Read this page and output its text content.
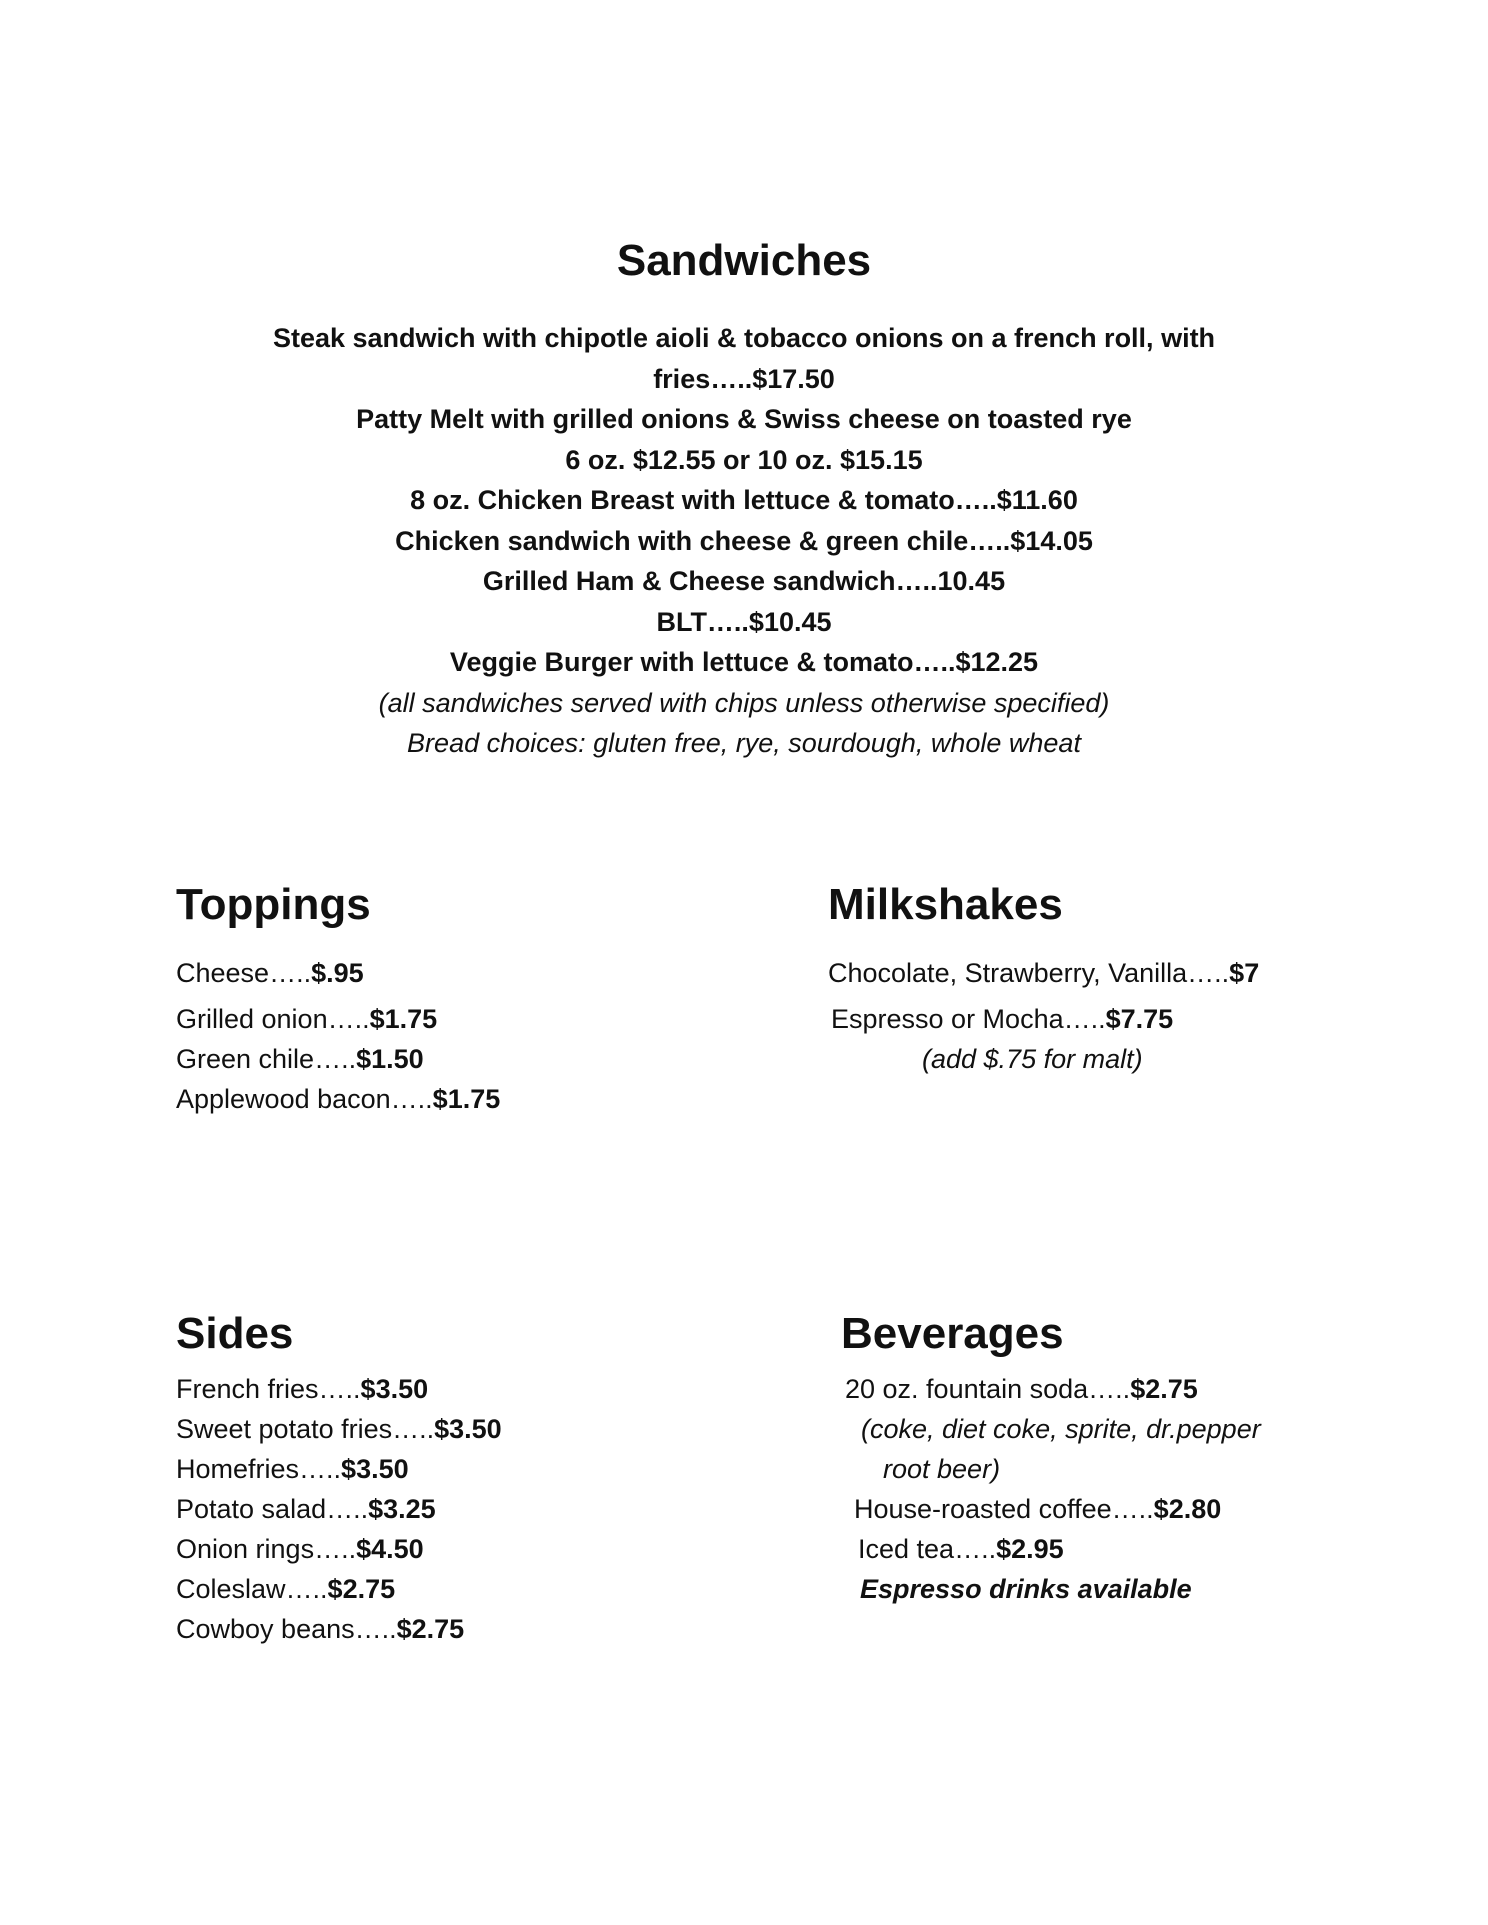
Sandwiches
Steak sandwich with chipotle aioli & tobacco onions on a french roll, with
fries…..$17.50
Patty Melt with grilled onions & Swiss cheese on toasted rye
6 oz. $12.55 or 10 oz. $15.15
8 oz. Chicken Breast with lettuce & tomato…..$11.60
Chicken sandwich with cheese & green chile…..$14.05
Grilled Ham & Cheese sandwich…..10.45
BLT…..$10.45
Veggie Burger with lettuce & tomato…..$12.25
(all sandwiches served with chips unless otherwise specified)
Bread choices: gluten free, rye, sourdough, whole wheat
Toppings
Cheese…..$.95
Grilled onion…..$1.75
Green chile…..$1.50
Applewood bacon…..$1.75
Milkshakes
Chocolate, Strawberry, Vanilla…..$7
Espresso or Mocha…..$7.75
(add $.75 for malt)
Sides
French fries…..$3.50
Sweet potato fries…..$3.50
Homefries…..$3.50
Potato salad…..$3.25
Onion rings…..$4.50
Coleslaw…..$2.75
Cowboy beans…..$2.75
Beverages
20 oz. fountain soda…..$2.75
(coke, diet coke, sprite, dr.pepper
root beer)
House-roasted coffee…..$2.80
Iced tea…..$2.95
Espresso drinks available
